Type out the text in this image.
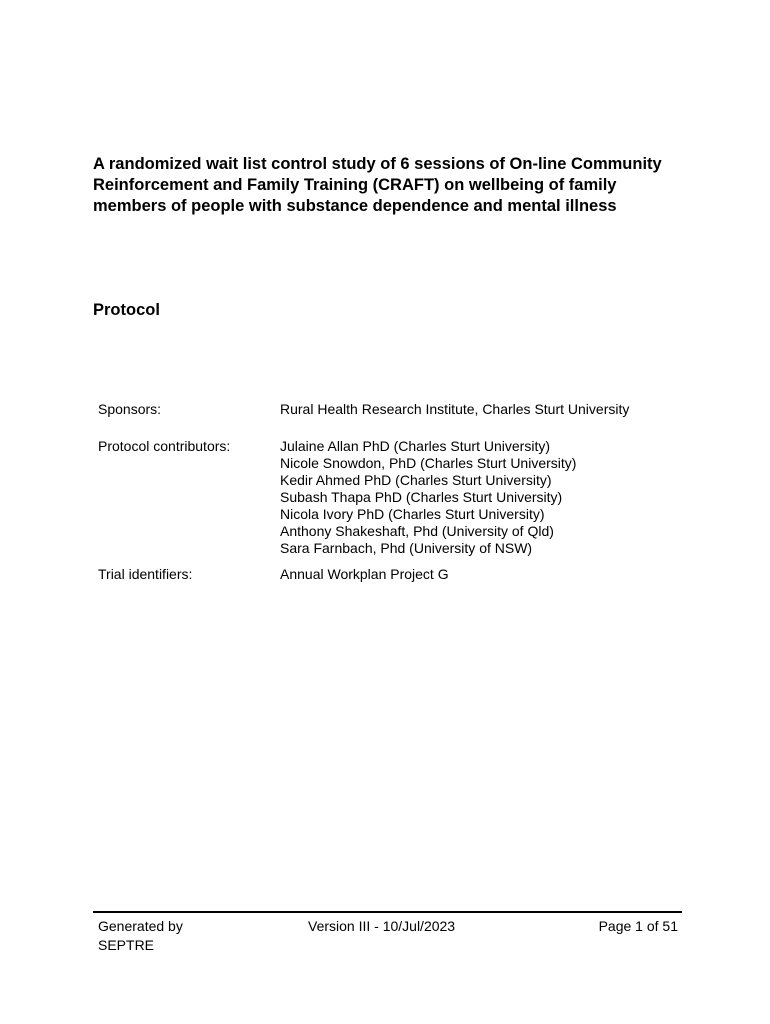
A randomized wait list control study of 6 sessions of On-line Community Reinforcement and Family Training (CRAFT) on wellbeing of family members of people with substance dependence and mental illness
Protocol
Sponsors:	Rural Health Research Institute, Charles Sturt University
Protocol contributors:	Julaine Allan PhD (Charles Sturt University)
Nicole Snowdon, PhD (Charles Sturt University)
Kedir Ahmed PhD (Charles Sturt University)
Subash Thapa PhD (Charles Sturt University)
Nicola Ivory PhD (Charles Sturt University)
Anthony Shakeshaft, Phd (University of Qld)
Sara Farnbach, Phd (University of NSW)
Trial identifiers:	Annual Workplan Project G
Generated by SEPTRE
Version III - 10/Jul/2023	Page 1 of 51
